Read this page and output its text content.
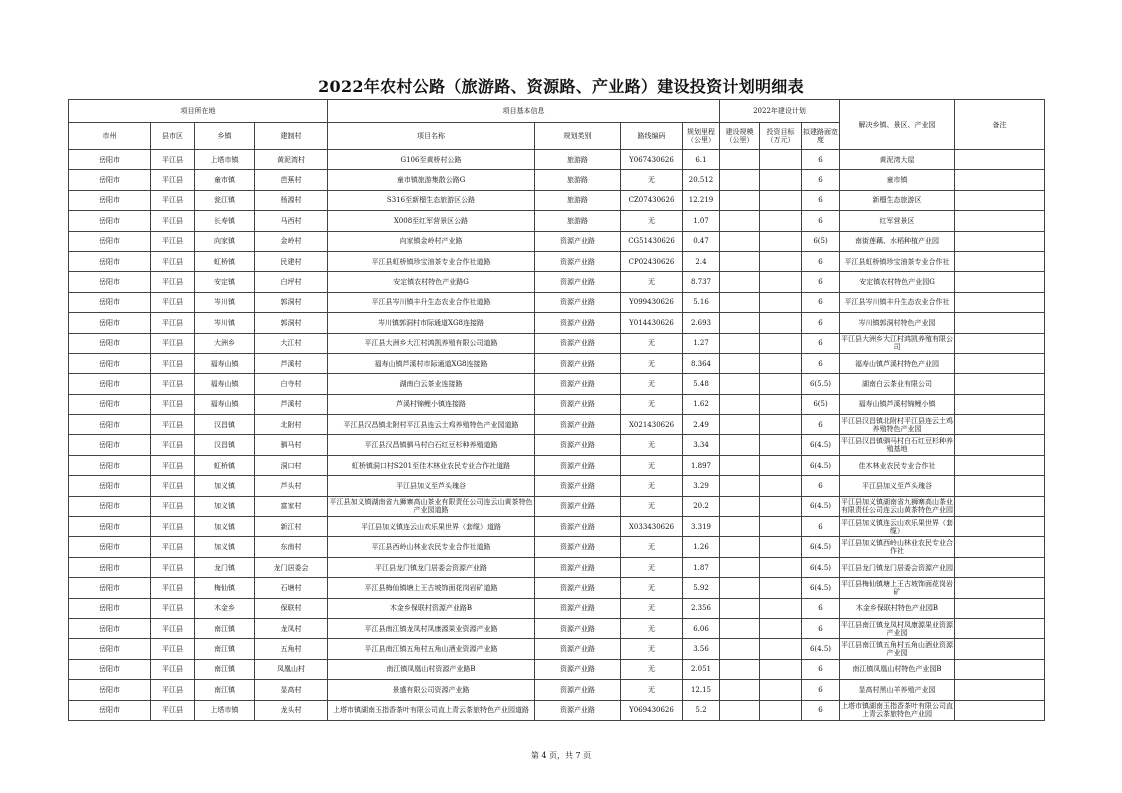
2022年农村公路（旅游路、资源路、产业路）建设投资计划明细表
项目所在地				项目基本信息				2022年建设计划			解决乡镇、景区、产业园	备注
市州	县市区	乡镇	建制村	项目名称	规划类别	路线编码	规划里程（公里）	建设规模（公里）	投资目标（万元）	拟建路面宽度		
岳阳市	平江县	上塔市镇	黄泥湾村	G106至黄桥村公路	旅游路	Y067430626	6.1			6	黄泥湾大屋	
岳阳市	平江县	童市镇	芭蕉村	童市镇旅游集散公路G	旅游路	无	20.512			6	童市镇	
岳阳市	平江县	瓮江镇	杨源村	S316至新榴生态旅游区公路	旅游路	CZ07430626	12.219			6	新榴生态旅游区	
岳阳市	平江县	长寿镇	马西村	X008至红军营景区公路	旅游路	无	1.07			6	红军营景区	
岳阳市	平江县	向家镇	金岭村	向家镇金岭村产业路	资源产业路	CG51430626	0.47			6(5)	南街莲藕、水稻种植产业园	
岳阳市	平江县	虹桥镇	民建村	平江县虹桥镇珍宝油茶专业合作社道路	资源产业路	CP02430626	2.4			6	平江县虹桥镇珍宝油茶专业合作社	
岳阳市	平江县	安定镇	白坪村	安定镇农村特色产业路G	资源产业路	无	8.737			6	安定镇农村特色产业园G	
岳阳市	平江县	岑川镇	郭洞村	平江县岑川镇丰升生态农业合作社道路	资源产业路	Y099430626	5.16			6	平江县岑川镇丰升生态农业合作社	
岳阳市	平江县	岑川镇	郭洞村	岑川镇郭洞村市际通道XG8连接路	资源产业路	Y014430626	2.693			6	岑川镇郭洞村特色产业园	
岳阳市	平江县	大洲乡	大江村	平江县大洲乡大江村鸿凯养殖有限公司道路	资源产业路	无	1.27			6	平江县大洲乡大江村鸿凯养殖有限公司	
岳阳市	平江县	福寿山镇	芦溪村	福寿山镇芦溪村市际通道XG8连接路	资源产业路	无	8.364			6	福寿山镇芦溪村特色产业园	
岳阳市	平江县	福寿山镇	白寺村	湖南白云茶业连接路	资源产业路	无	5.48			6(5.5)	湖南白云茶业有限公司	
岳阳市	平江县	福寿山镇	芦溪村	芦溪村锦鲤小镇连接路	资源产业路	无	1.62			6(5)	福寿山镇芦溪村锦鲤小镇	
岳阳市	平江县	汉昌镇	北附村	平江县汉昌镇北附村平江县连云土鸡养殖特色产业园道路	资源产业路	X021430626	2.49			6	平江县汉昌镇北附村平江县连云土鸡养殖特色产业园	
岳阳市	平江县	汉昌镇	驷马村	平江县汉昌镇驷马村白石红豆杉种养殖道路	资源产业路	无	3.34			6(4.5)	平江县汉昌镇驷马村白石红豆杉种养殖基地	
岳阳市	平江县	虹桥镇	洞口村	虹桥镇洞口村S201至佳木林业农民专业合作社道路	资源产业路	无	1.897			6(4.5)	佳木林业农民专业合作社	
岳阳市	平江县	加义镇	芦头村	平江县加义至芦头瑰谷	资源产业路	无	3.29			6	平江县加义至芦头瑰谷	
岳阳市	平江县	加义镇	富家村	平江县加义镇湖南省九狮寨高山茶业有限责任公司连云山黄茶特色产业园道路	资源产业路	无	20.2			6(4.5)	平江县加义镇湖南省九狮寨高山茶业有限责任公司连云山黄茶特色产业园	
岳阳市	平江县	加义镇	新江村	平江县加义镇连云山欢乐果世界（套缆）道路	资源产业路	X033430626	3.319			6	平江县加义镇连云山欢乐果世界（套缆）	
岳阳市	平江县	加义镇	东南村	平江县西岭山林业农民专业合作社道路	资源产业路	无	1.26			6(4.5)	平江县加义镇西岭山林业农民专业合作社	
岳阳市	平江县	龙门镇	龙门居委会	平江县龙门镇龙门居委会资源产业路	资源产业路	无	1.87			6(4.5)	平江县龙门镇龙门居委会资源产业园	
岳阳市	平江县	梅仙镇	石塘村	平江县梅仙镇塘上王古坡饰面花岗岩矿道路	资源产业路	无	5.92			6(4.5)	平江县梅仙镇塘上王古坡饰面花岗岩矿	
岳阳市	平江县	木金乡	保联村	木金乡保联村资源产业路B	资源产业路	无	2.356			6	木金乡保联村特色产业园B	
岳阳市	平江县	南江镇	龙凤村	平江县南江镇龙凤村凤康源果业资源产业路	资源产业路	无	6.06			6	平江县南江镇龙凤村凤康源果业资源产业园	
岳阳市	平江县	南江镇	五角村	平江县南江镇五角村五角山酒业资源产业路	资源产业路	无	3.56			6(4.5)	平江县南江镇五角村五角山酒业资源产业园	
岳阳市	平江县	南江镇	凤凰山村	南江镇凤凰山村资源产业路B	资源产业路	无	2.051			6	南江镇凤凰山村特色产业园B	
岳阳市	平江县	南江镇	显高村	景盛有限公司资源产业路	资源产业路	无	12.15			6	显高村黑山羊养殖产业园	
岳阳市	平江县	上塔市镇	龙头村	上塔市镇湖南玉指香茶叶有限公司直上青云茶旅特色产业园道路	资源产业路	Y069430626	5.2			6	上塔市镇湖南玉指香茶叶有限公司直上青云茶旅特色产业园	
第 4 页，共 7 页
